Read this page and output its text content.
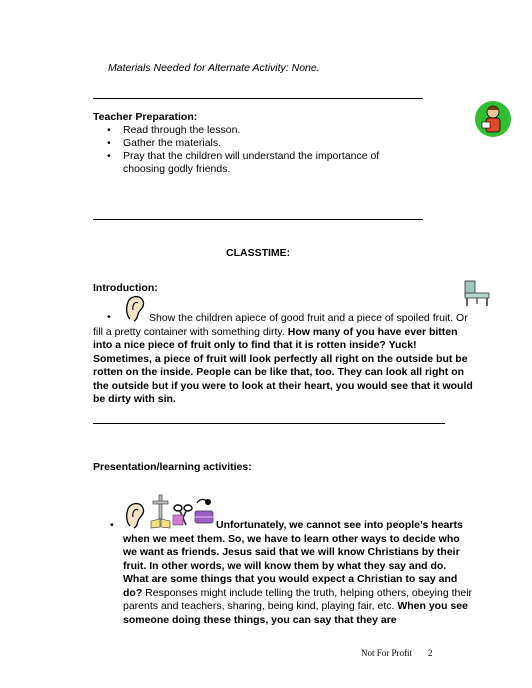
Materials Needed for Alternate Activity: None.
Teacher Preparation:
• Read through the lesson.
• Gather the materials.
• Pray that the children will understand the importance of choosing godly friends.
CLASSTIME:
Introduction:
•	Show the children apiece of good fruit and a piece of spoiled fruit. Or fill a pretty container with something dirty. How many of you have ever bitten into a nice piece of fruit only to find that it is rotten inside? Yuck! Sometimes, a piece of fruit will look perfectly all right on the outside but be rotten on the inside. People can be like that, too. They can look all right on the outside but if you were to look at their heart, you would see that it would be dirty with sin.
Presentation/learning activities:
•	Unfortunately, we cannot see into people’s hearts when we meet them. So, we have to learn other ways to decide who we want as friends. Jesus said that we will know Christians by their fruit. In other words, we will know them by what they say and do. What are some things that you would expect a Christian to say and do? Responses might include telling the truth, helping others, obeying their parents and teachers, sharing, being kind, playing fair, etc. When you see someone doing these things, you can say that they are
Not For Profit 2
